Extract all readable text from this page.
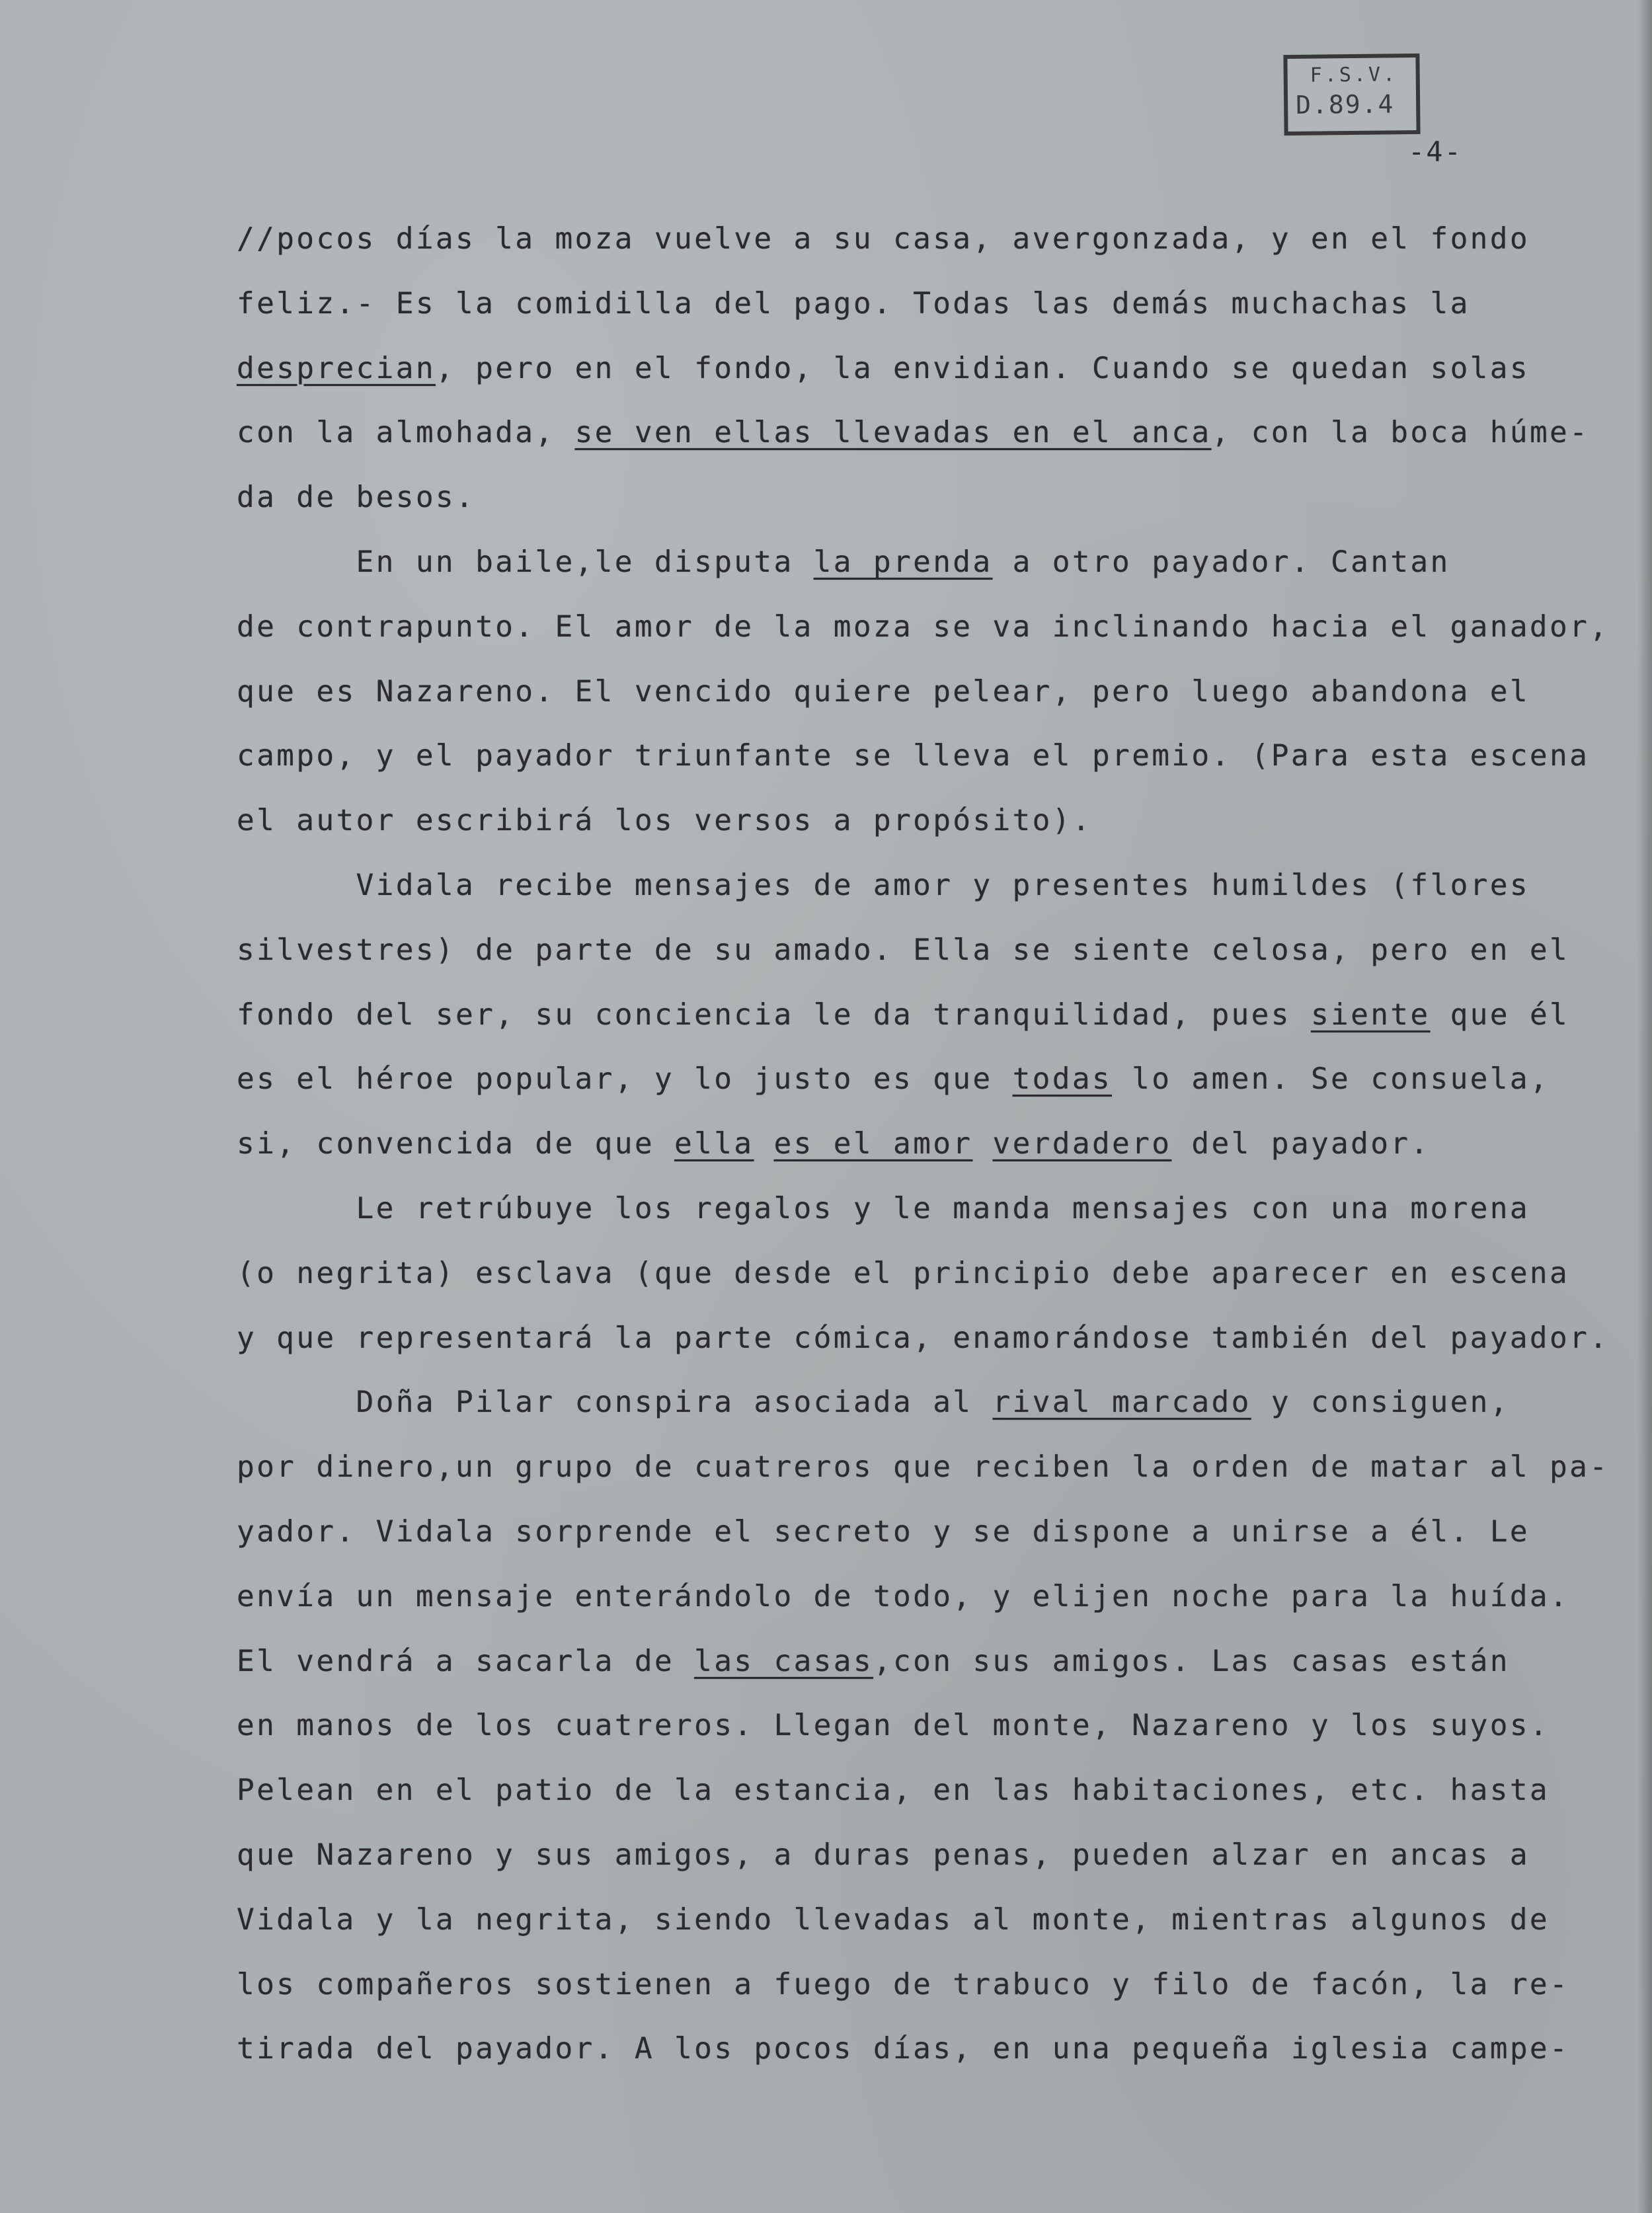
F.S.V.
D.89.4
-4-
//pocos días la moza vuelve a su casa, avergonzada, y en el fondo
feliz.- Es la comidilla del pago. Todas las demás muchachas la
desprecian, pero en el fondo, la envidian. Cuando se quedan solas
con la almohada, se ven ellas llevadas en el anca, con la boca húme-
da de besos.
En un baile,le disputa la prenda a otro payador. Cantan
de contrapunto. El amor de la moza se va inclinando hacia el ganador,
que es Nazareno. El vencido quiere pelear, pero luego abandona el
campo, y el payador triunfante se lleva el premio. (Para esta escena
el autor escribirá los versos a propósito).
Vidala recibe mensajes de amor y presentes humildes (flores
silvestres) de parte de su amado. Ella se siente celosa, pero en el
fondo del ser, su conciencia le da tranquilidad, pues siente que él
es el héroe popular, y lo justo es que todas lo amen. Se consuela,
si, convencida de que ella es el amor verdadero del payador.
Le retrúbuye los regalos y le manda mensajes con una morena
(o negrita) esclava (que desde el principio debe aparecer en escena
y que representará la parte cómica, enamorándose también del payador.
Doña Pilar conspira asociada al rival marcado y consiguen,
por dinero,un grupo de cuatreros que reciben la orden de matar al pa-
yador. Vidala sorprende el secreto y se dispone a unirse a él. Le
envía un mensaje enterándolo de todo, y elijen noche para la huída.
El vendrá a sacarla de las casas,con sus amigos. Las casas están
en manos de los cuatreros. Llegan del monte, Nazareno y los suyos.
Pelean en el patio de la estancia, en las habitaciones, etc. hasta
que Nazareno y sus amigos, a duras penas, pueden alzar en ancas a
Vidala y la negrita, siendo llevadas al monte, mientras algunos de
los compañeros sostienen a fuego de trabuco y filo de facón, la re-
tirada del payador. A los pocos días, en una pequeña iglesia campe-
